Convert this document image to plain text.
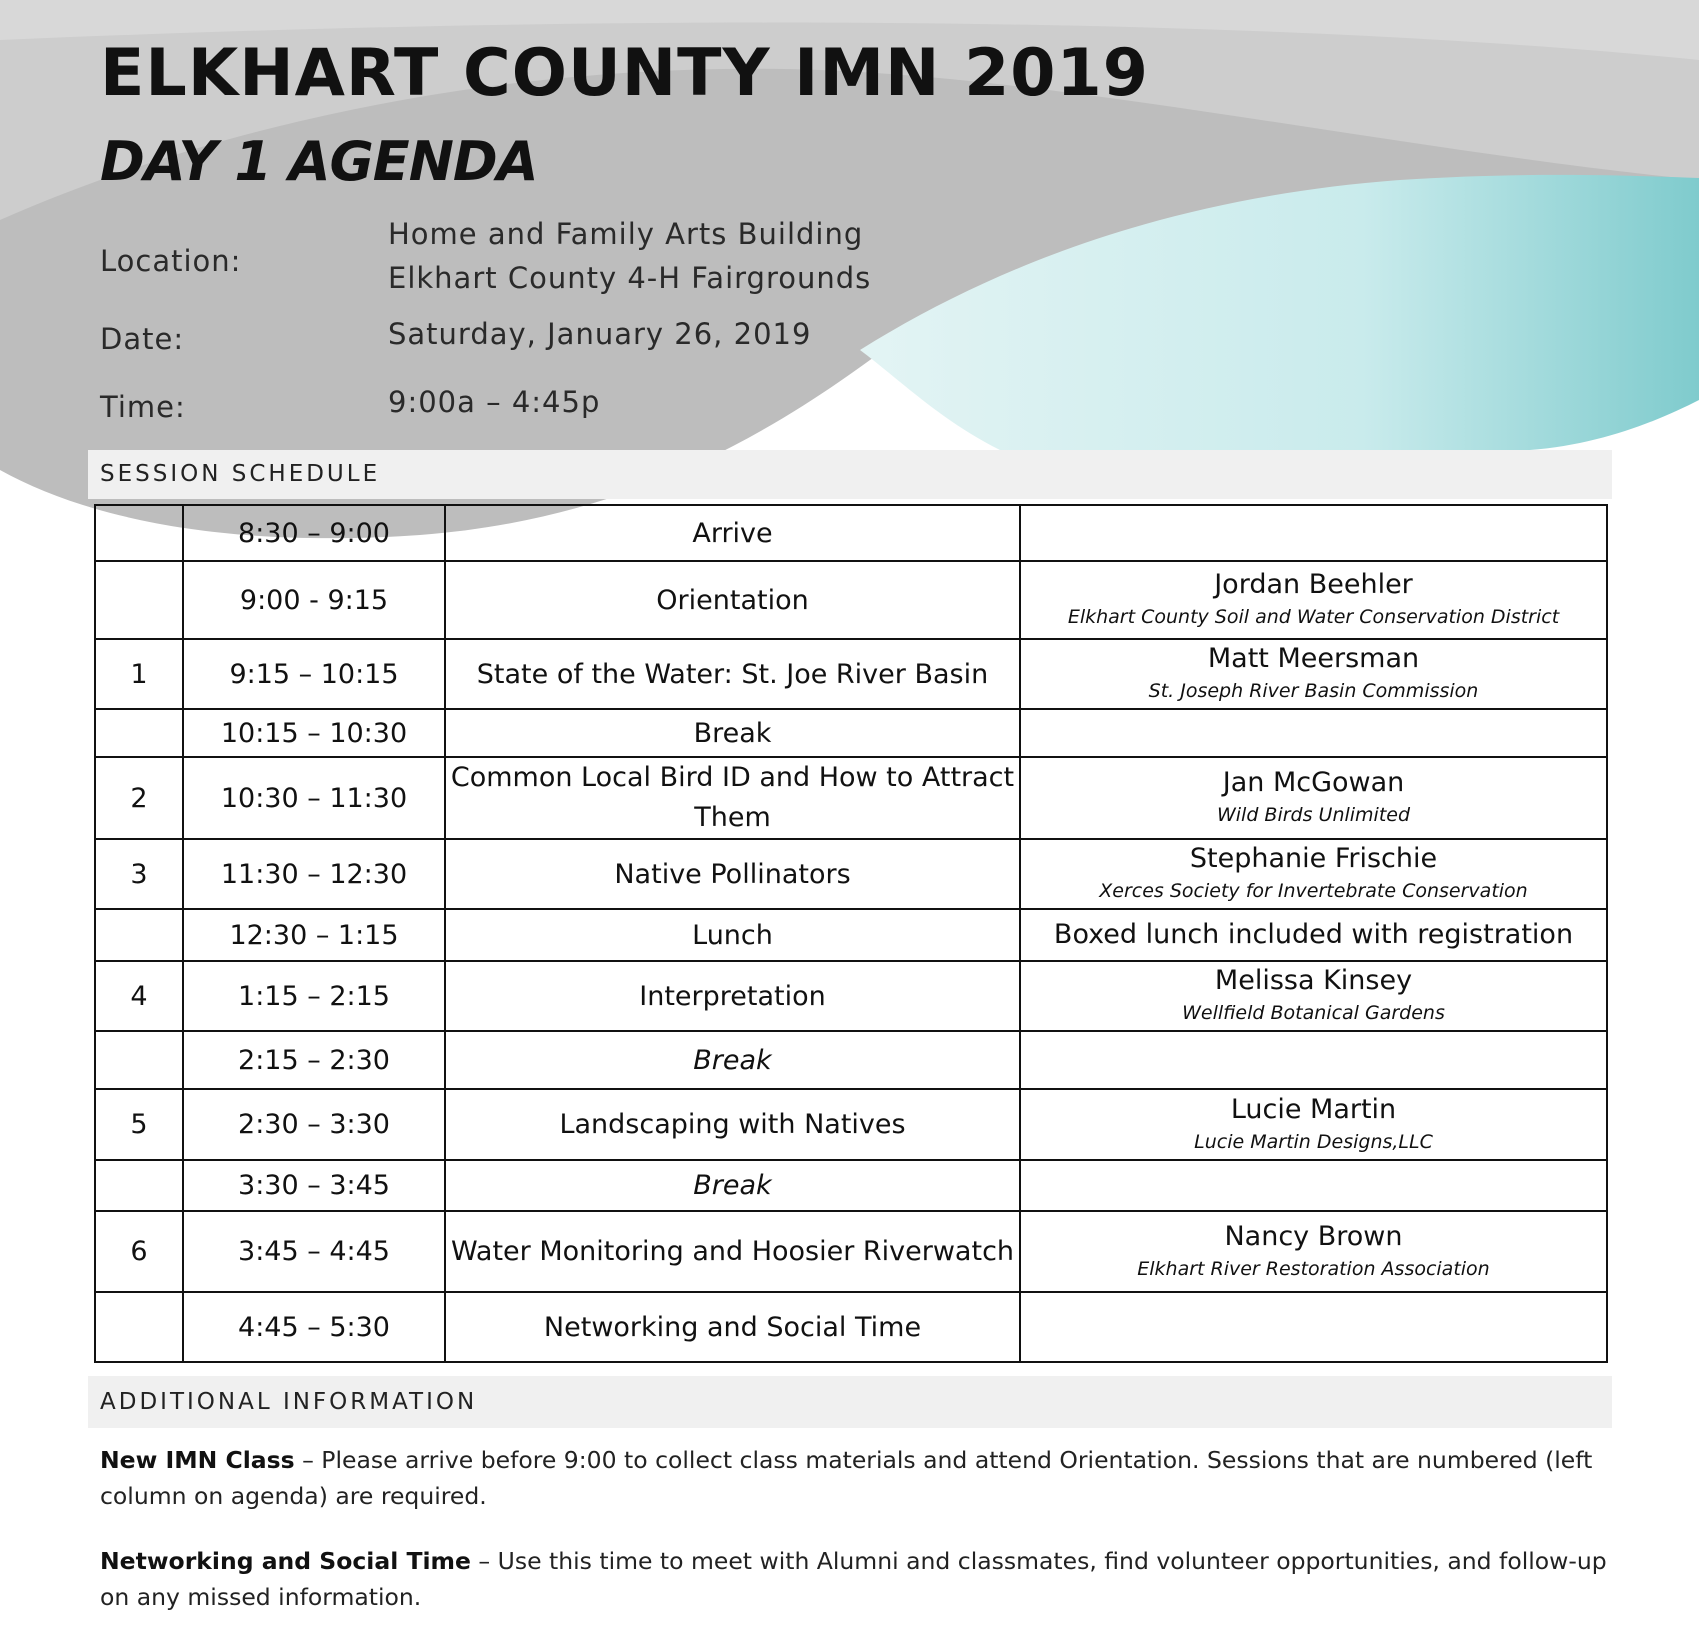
ELKHART COUNTY IMN 2019
DAY 1 AGENDA
Location:
Home and Family Arts Building
Elkhart County 4-H Fairgrounds
Date:	Saturday, January 26, 2019
Time:	9:00a – 4:45p
SESSION SCHEDULE
	8:30 – 9:00	Arrive	

	9:00 - 9:15	Orientation	Jordan Beehler
Elkhart County Soil and Water Conservation District

1	9:15 – 10:15	State of the Water: St. Joe River Basin	Matt Meersman
St. Joseph River Basin Commission

	10:15 – 10:30	Break	

2	10:30 – 11:30	Common Local Bird ID and How to Attract Them	Jan McGowan
Wild Birds Unlimited

3	11:30 – 12:30	Native Pollinators	Stephanie Frischie
Xerces Society for Invertebrate Conservation

	12:30 – 1:15	Lunch	Boxed lunch included with registration

4	1:15 – 2:15	Interpretation	Melissa Kinsey
Wellfield Botanical Gardens

	2:15 – 2:30	Break	

5	2:30 – 3:30	Landscaping with Natives	Lucie Martin
Lucie Martin Designs,LLC

	3:30 – 3:45	Break	

6	3:45 – 4:45	Water Monitoring and Hoosier Riverwatch	Nancy Brown
Elkhart River Restoration Association

	4:45 – 5:30	Networking and Social Time	
ADDITIONAL INFORMATION

New IMN Class – Please arrive before 9:00 to collect class materials and attend Orientation. Sessions that are numbered (left column on agenda) are required.

Networking and Social Time – Use this time to meet with Alumni and classmates, find volunteer opportunities, and follow-up on any missed information.
